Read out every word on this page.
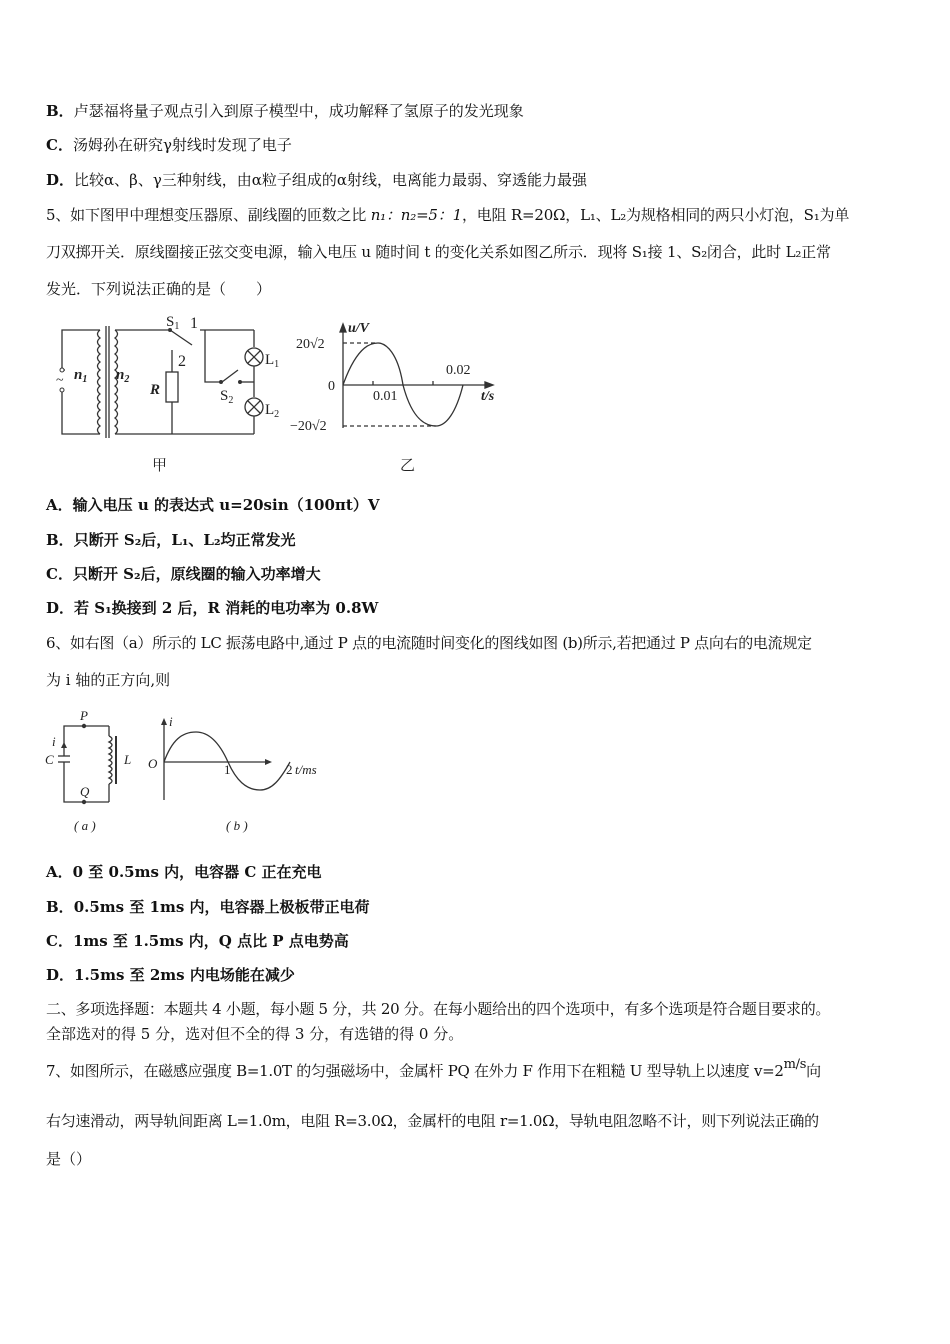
B．卢瑟福将量子观点引入到原子模型中，成功解释了氢原子的发光现象
C．汤姆孙在研究γ射线时发现了电子
D．比较α、β、γ三种射线，由α粒子组成的α射线，电离能力最弱、穿透能力最强
5、如下图甲中理想变压器原、副线圈的匝数之比 n₁：n₂=5：1，电阻 R=20Ω，L₁、L₂为规格相同的两只小灯泡，S₁为单
刀双掷开关．原线圈接正弦交变电源，输入电压 u 随时间 t 的变化关系如图乙所示．现将 S₁接 1、S₂闭合，此时 L₂正常
发光．下列说法正确的是（　　）
~ $n_1$ $n_2$
$S_1$ 1
2
R	$S_2$
$L_1$
$L_2$
甲
u/V
20√2
0
−20√2
0.01
0.02
t/s
乙
A．输入电压 u 的表达式 u=20sin（100πt）V
B．只断开 S₂后，L₁、L₂均正常发光
C．只断开 S₂后，原线圈的输入功率增大
D．若 S₁换接到 2 后，R 消耗的电功率为 0.8W
6、如右图（a）所示的 LC 振荡电路中,通过 P 点的电流随时间变化的图线如图 (b)所示,若把通过 P 点向右的电流规定
为 i 轴的正方向,则
P
Q
i
C	L
( a )
i
O	1	2 t/ms
( b )
A．0 至 0.5ms 内，电容器 C 正在充电
B．0.5ms 至 1ms 内，电容器上极板带正电荷
C．1ms 至 1.5ms 内，Q 点比 P 点电势高
D．1.5ms 至 2ms 内电场能在减少
二、多项选择题：本题共 4 小题，每小题 5 分，共 20 分。在每小题给出的四个选项中，有多个选项是符合题目要求的。
全部选对的得 5 分，选对但不全的得 3 分，有选错的得 0 分。
7、如图所示，在磁感应强度 B=1.0T 的匀强磁场中，金属杆 PQ 在外力 F 作用下在粗糙 U 型导轨上以速度 $v=2^{m/s}$向
右匀速滑动，两导轨间距离 L=1.0m，电阻 R=3.0Ω，金属杆的电阻 r=1.0Ω，导轨电阻忽略不计，则下列说法正确的
是（）
